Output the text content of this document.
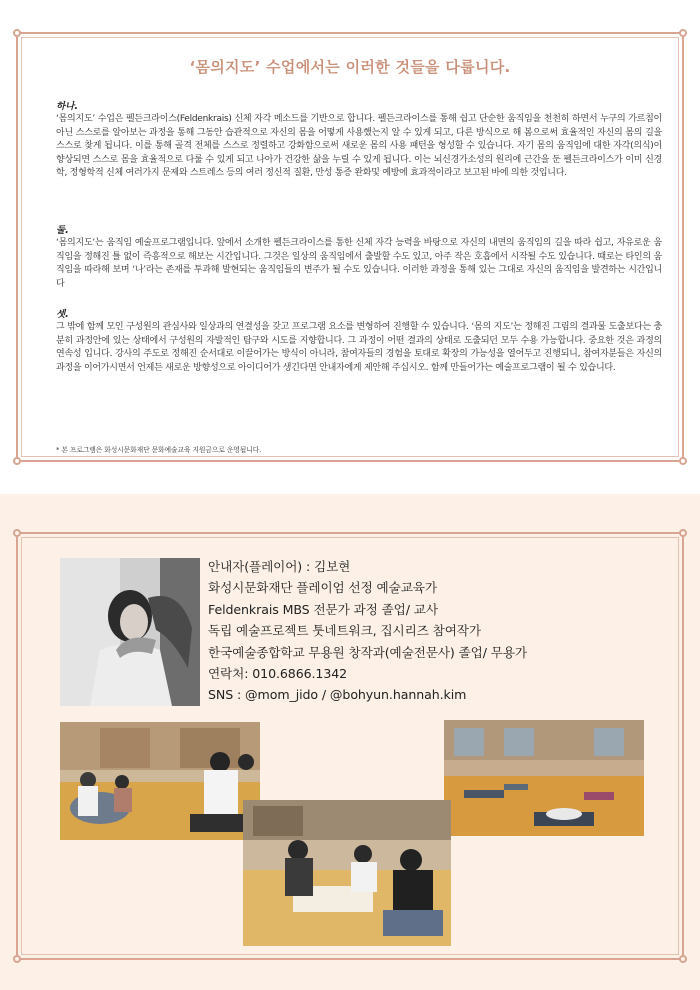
‘몸의지도’ 수업에서는 이러한 것들을 다룹니다.
하나.
‘몸의지도’ 수업은 펠든크라이스(Feldenkrais) 신체 자각 메소드를 기반으로 합니다. 펠든크라이스를 통해 쉽고 단순한 움직임을 천천히 하면서 누구의 가르침이 아닌 스스로를 알아보는 과정을 통해 그동안 습관적으로 자신의 몸을 어떻게 사용했는지 알 수 있게 되고, 다른 방식으로 해 봄으로써 효율적인 자신의 몸의 길을 스스로 찾게 됩니다. 이를 통해 골격 전체를 스스로 정렬하고 강화함으로써 새로운 몸의 사용 패턴을 형성할 수 있습니다. 자기 몸의 움직임에 대한 자각(의식)이 향상되면 스스로 몸을 효율적으로 다룰 수 있게 되고 나아가 건강한 삶을 누릴 수 있게 됩니다. 이는 뇌신경가소성의 원리에 근간을 둔 펠든크라이스가 이미 신경학, 정형학적 신체 여러가지 문제와 스트레스 등의 여러 정신적 질환, 만성 통증 완화및 예방에 효과적이라고 보고된 바에 의한 것입니다.
둘.
‘몸의지도’는 움직임 예술프로그램입니다. 앞에서 소개한 펠든크라이스를 통한 신체 자각 능력을 바탕으로 자신의 내면의 움직임의 길을 따라 쉽고, 자유로운 움직임을 정해진 틀 없이 즉흥적으로 해보는 시간입니다. 그것은 일상의 움직임에서 출발할 수도 있고, 아주 작은 호흡에서 시작될 수도 있습니다. 때로는 타인의 움직임을 따라해 보며 ‘나’라는 존재를 투과해 발현되는 움직임들의 변주가 될 수도 있습니다. 이러한 과정을 통해 있는 그대로 자신의 움직임을 발견하는 시간입니다
셋.
그 밖에 함께 모인 구성원의 관심사와 일상과의 연결성을 갖고 프로그램 요소를 변형하여 진행할 수 있습니다. ‘몸의 지도’는 정해진 그림의 결과물 도출보다는 충분히 과정안에 있는 상태에서 구성원의 자발적인 탐구와 시도를 지향합니다. 그 과정이 어떤 결과의 상태로 도출되던 모두 수용 가능합니다. 중요한 것은 과정의 연속성 입니다. 강사의 주도로 정해진 순서대로 이끌어가는 방식이 아니라, 참여자들의 경험을 토대로 확장의 가능성을 열어두고 진행되니, 참여자분들은 자신의 과정을 이어가시면서 언제든 새로운 방향성으로 아이디어가 생긴다면 안내자에게 제안해 주십시오. 함께 만들어가는 예술프로그램이 될 수 있습니다.
* 본 프로그램은 화성시문화재단 문화예술교육 지원금으로 운영됩니다.
안내자(플레이어) : 김보현
화성시문화재단 플레이엄 선정 예술교육가
Feldenkrais MBS 전문가 과정 졸업/ 교사
독립 예술프로젝트 툿네트워크, 집시리즈 참여작가
한국예술종합학교 무용원 창작과(예술전문사) 졸업/ 무용가
연락처: 010.6866.1342
SNS : @mom_jido / @bohyun.hannah.kim
